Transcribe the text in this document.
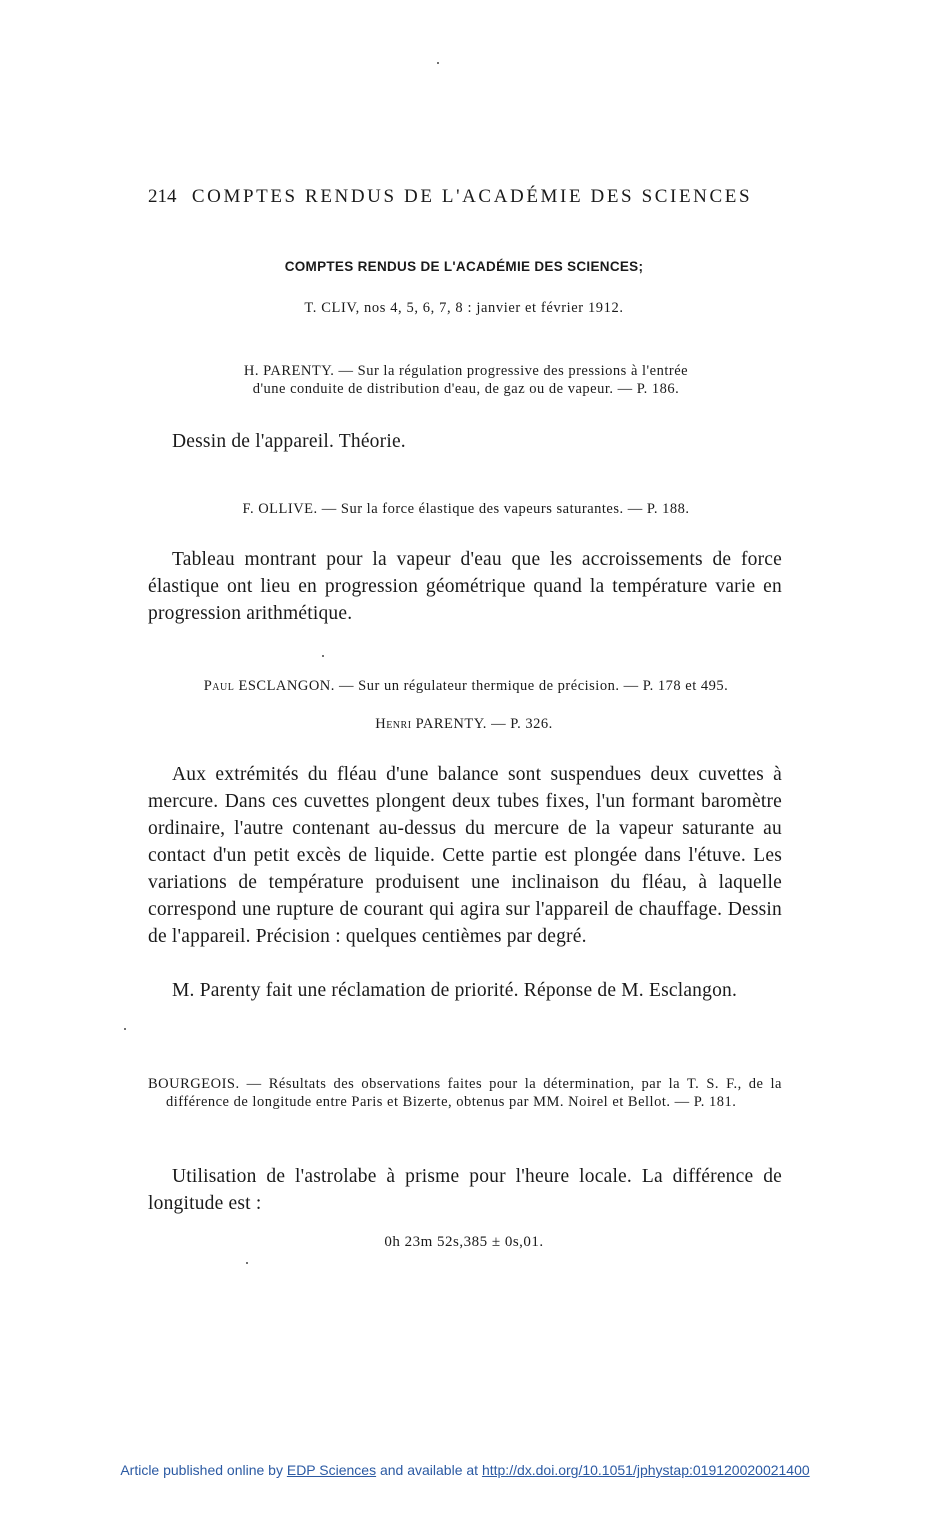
214 COMPTES RENDUS DE L'ACADÉMIE DES SCIENCES
COMPTES RENDUS DE L'ACADÉMIE DES SCIENCES;
T. CLIV, nos 4, 5, 6, 7, 8 : janvier et février 1912.
H. PARENTY. — Sur la régulation progressive des pressions à l'entrée
d'une conduite de distribution d'eau, de gaz ou de vapeur. — P. 186.
Dessin de l'appareil. Théorie.
F. OLLIVE. — Sur la force élastique des vapeurs saturantes. — P. 188.
Tableau montrant pour la vapeur d'eau que les accroissements de force élastique ont lieu en progression géométrique quand la température varie en progression arithmétique.
Paul ESCLANGON. — Sur un régulateur thermique de précision. — P. 178 et 495.
Henri PARENTY. — P. 326.
Aux extrémités du fléau d'une balance sont suspendues deux cuvettes à mercure. Dans ces cuvettes plongent deux tubes fixes, l'un formant baromètre ordinaire, l'autre contenant au-dessus du mercure de la vapeur saturante au contact d'un petit excès de liquide. Cette partie est plongée dans l'étuve. Les variations de température produisent une inclinaison du fléau, à laquelle correspond une rupture de courant qui agira sur l'appareil de chauffage. Dessin de l'appareil. Précision : quelques centièmes par degré.
M. Parenty fait une réclamation de priorité. Réponse de M. Esclangon.
BOURGEOIS. — Résultats des observations faites pour la détermination, par la T. S. F., de la différence de longitude entre Paris et Bizerte, obtenus par MM. Noirel et Bellot. — P. 181.
Utilisation de l'astrolabe à prisme pour l'heure locale. La différence de longitude est :
0h 23m 52s,385 ± 0s,01.
Article published online by EDP Sciences and available at http://dx.doi.org/10.1051/jphystap:019120020021400
